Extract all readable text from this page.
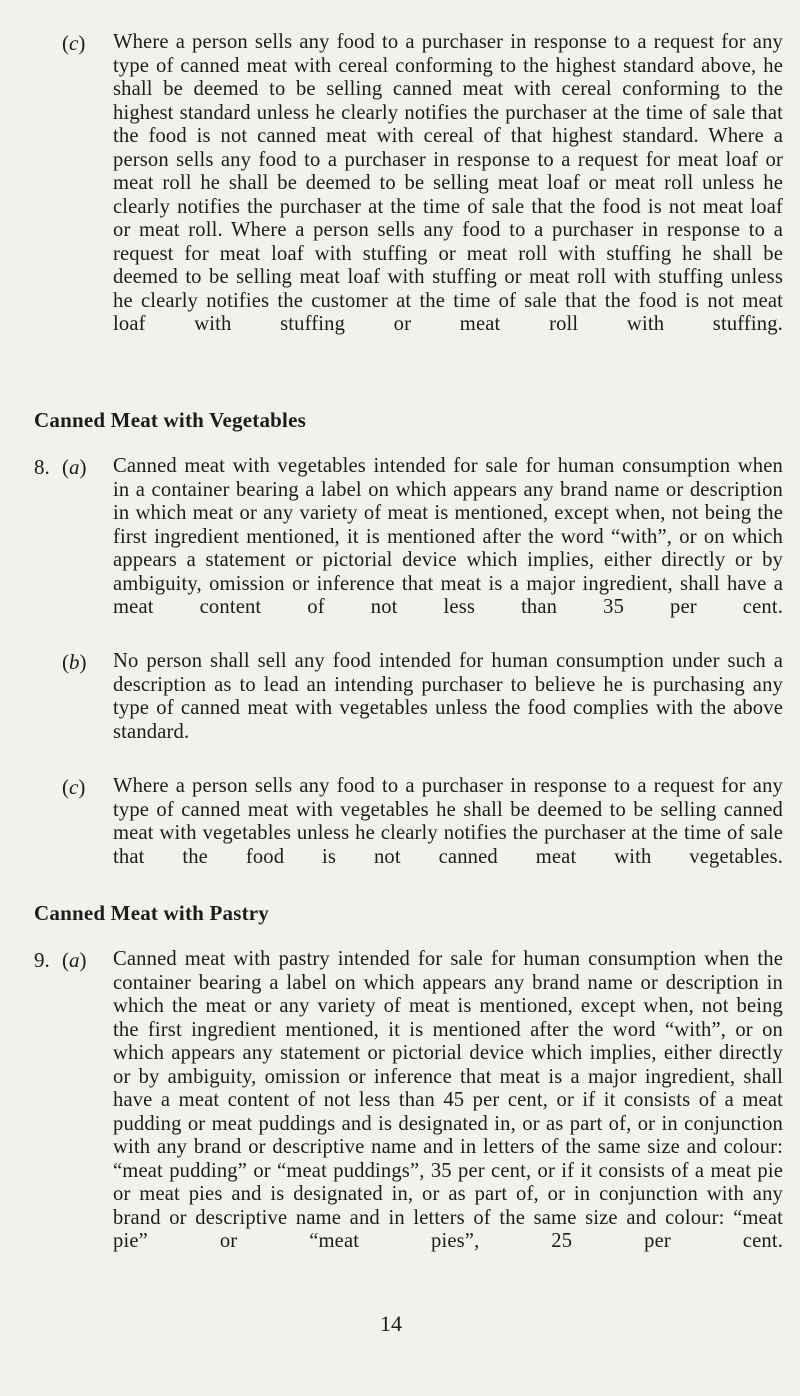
(c) Where a person sells any food to a purchaser in response to a request for any type of canned meat with cereal conforming to the highest standard above, he shall be deemed to be selling canned meat with cereal conforming to the highest standard unless he clearly notifies the purchaser at the time of sale that the food is not canned meat with cereal of that highest standard. Where a person sells any food to a purchaser in response to a request for meat loaf or meat roll he shall be deemed to be selling meat loaf or meat roll unless he clearly notifies the purchaser at the time of sale that the food is not meat loaf or meat roll. Where a person sells any food to a purchaser in response to a request for meat loaf with stuffing or meat roll with stuffing he shall be deemed to be selling meat loaf with stuffing or meat roll with stuffing unless he clearly notifies the customer at the time of sale that the food is not meat loaf with stuffing or meat roll with stuffing.
Canned Meat with Vegetables
8. (a) Canned meat with vegetables intended for sale for human consumption when in a container bearing a label on which appears any brand name or description in which meat or any variety of meat is mentioned, except when, not being the first ingredient mentioned, it is mentioned after the word “with”, or on which appears a statement or pictorial device which implies, either directly or by ambiguity, omission or inference that meat is a major ingredient, shall have a meat content of not less than 35 per cent.
(b) No person shall sell any food intended for human consumption under such a description as to lead an intending purchaser to believe he is purchasing any type of canned meat with vegetables unless the food complies with the above standard.
(c) Where a person sells any food to a purchaser in response to a request for any type of canned meat with vegetables he shall be deemed to be selling canned meat with vegetables unless he clearly notifies the purchaser at the time of sale that the food is not canned meat with vegetables.
Canned Meat with Pastry
9. (a) Canned meat with pastry intended for sale for human consumption when the container bearing a label on which appears any brand name or description in which the meat or any variety of meat is mentioned, except when, not being the first ingredient mentioned, it is mentioned after the word “with”, or on which appears any statement or pictorial device which implies, either directly or by ambiguity, omission or inference that meat is a major ingredient, shall have a meat content of not less than 45 per cent, or if it consists of a meat pudding or meat puddings and is designated in, or as part of, or in conjunction with any brand or descriptive name and in letters of the same size and colour: “meat pudding” or “meat puddings”, 35 per cent, or if it consists of a meat pie or meat pies and is designated in, or as part of, or in conjunction with any brand or descriptive name and in letters of the same size and colour: “meat pie” or “meat pies”, 25 per cent.
14
